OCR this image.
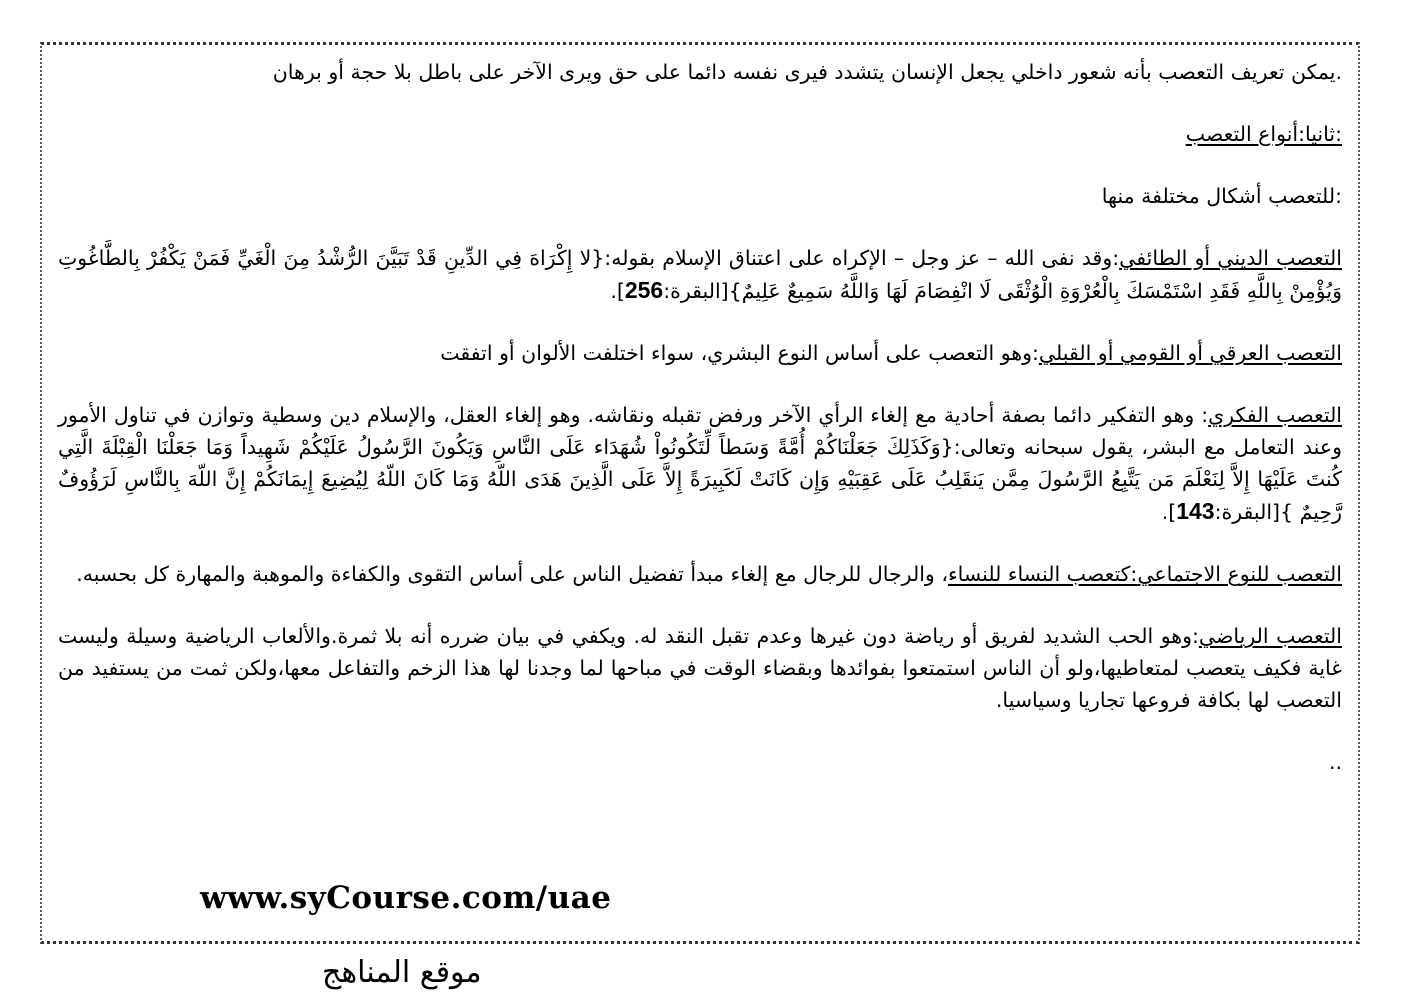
.يمكن تعريف التعصب بأنه شعور داخلي يجعل الإنسان يتشدد فيرى نفسه دائما على حق ويرى الآخر على باطل بلا حجة أو برهان

:ثانيا:أنواع التعصب

:للتعصب أشكال مختلفة منها

التعصب الديني أو الطائفي:وقد نفى الله – عز وجل – الإكراه على اعتناق الإسلام بقوله:{لا إِكْرَاهَ فِي الدِّينِ قَدْ تَبَيَّنَ الرُّشْدُ مِنَ الْغَيِّ فَمَنْ يَكْفُرْ بِالطَّاغُوتِ وَيُؤْمِنْ بِاللَّهِ فَقَدِ اسْتَمْسَكَ بِالْعُرْوَةِ الْوُثْقَى لَا انْفِصَامَ لَهَا وَاللَّهُ سَمِيعٌ عَلِيمٌ}[البقرة:256].

التعصب العرقي أو القومي أو القبلي:وهو التعصب على أساس النوع البشري، سواء اختلفت الألوان أو اتفقت

التعصب الفكري: وهو التفكير دائما بصفة أحادية مع إلغاء الرأي الآخر ورفض تقبله ونقاشه. وهو إلغاء العقل، والإسلام دين وسطية وتوازن في تناول الأمور وعند التعامل مع البشر، يقول سبحانه وتعالى:{وَكَذَلِكَ جَعَلْنَاكُمْ أُمَّةً وَسَطاً لِّتَكُونُواْ شُهَدَاء عَلَى النَّاسِ وَيَكُونَ الرَّسُولُ عَلَيْكُمْ شَهِيداً وَمَا جَعَلْنَا الْقِبْلَةَ الَّتِي كُنتَ عَلَيْهَا إِلاَّ لِنَعْلَمَ مَن يَتَّبِعُ الرَّسُولَ مِمَّن يَنقَلِبُ عَلَى عَقِبَيْهِ وَإِن كَانَتْ لَكَبِيرَةً إِلاَّ عَلَى الَّذِينَ هَدَى اللّهُ وَمَا كَانَ اللّهُ لِيُضِيعَ إِيمَانَكُمْ إِنَّ اللّهَ بِالنَّاسِ لَرَؤُوفٌ رَّحِيمٌ }[البقرة:143].

التعصب للنوع الاجتماعي:كتعصب النساء للنساء، والرجال للرجال مع إلغاء مبدأ تفضيل الناس على أساس التقوى والكفاءة والموهبة والمهارة كل بحسبه.

التعصب الرياضي:وهو الحب الشديد لفريق أو رياضة دون غيرها وعدم تقبل النقد له. ويكفي في بيان ضرره أنه بلا ثمرة.والألعاب الرياضية وسيلة وليست غاية فكيف يتعصب لمتعاطيها،ولو أن الناس استمتعوا بفوائدها وبقضاء الوقت في مباحها لما وجدنا لها هذا الزخم والتفاعل معها،ولكن ثمت من يستفيد من التعصب لها بكافة فروعها تجاريا وسياسيا.

..
www.syCourse.com/uae
موقع المناهج
